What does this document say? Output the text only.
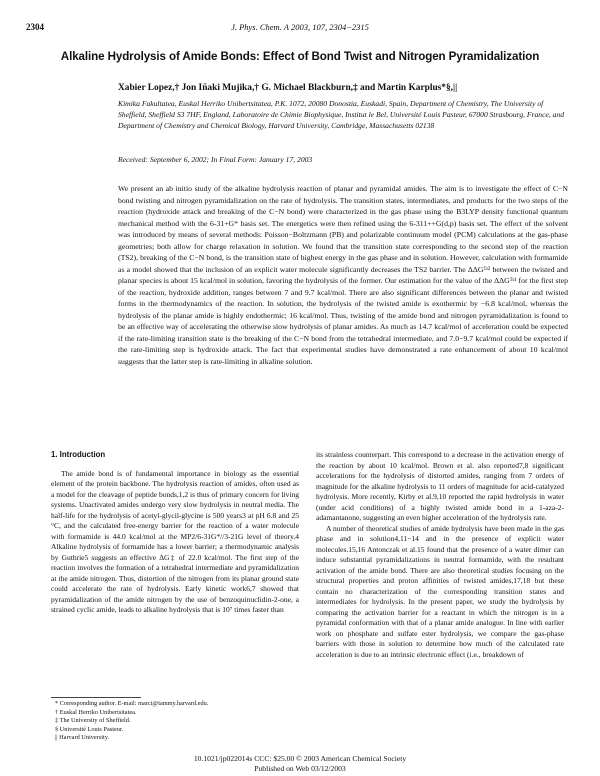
2304	J. Phys. Chem. A 2003, 107, 2304−2315
Alkaline Hydrolysis of Amide Bonds: Effect of Bond Twist and Nitrogen Pyramidalization
Xabier Lopez,† Jon Iñaki Mujika,† G. Michael Blackburn,‡ and Martin Karplus*§,||
Kimika Fakultatea, Euskal Herriko Unibertsitatea, P.K. 1072, 20080 Donostia, Euskadi, Spain, Department of Chemistry, The University of Sheffield, Sheffield S3 7HF, England, Laboratoire de Chimie Biophysique, Institut le Bel, Université Louis Pasteur, 67000 Strasbourg, France, and Department of Chemistry and Chemical Biology, Harvard University, Cambridge, Massachusetts 02138
Received: September 6, 2002; In Final Form: January 17, 2003

We present an ab initio study of the alkaline hydrolysis reaction of planar and pyramidal amides. The aim is to investigate the effect of C−N bond twisting and nitrogen pyramidalization on the rate of hydrolysis. The transition states, intermediates, and products for the two steps of the reaction (hydroxide attack and breaking of the C−N bond) were characterized in the gas phase using the B3LYP density functional quantum mechanical method with the 6-31+G* basis set. The energetics were then refined using the 6-311++G(d,p) basis set. The effect of the solvent was introduced by means of several methods: Poisson−Boltzmann (PB) and polarizable continuum model (PCM) calculations at the gas-phase geometries; both allow for charge relaxation in solution. We found that the transition state corresponding to the second step of the reaction (TS2), breaking of the C−N bond, is the transition state of highest energy in the gas phase and in solution. However, calculation with formamide as a model showed that the inclusion of an explicit water molecule significantly decreases the TS2 barrier. The ΔΔGᵀˢ² between the twisted and planar species is about 15 kcal/mol in solution, favoring the hydrolysis of the former. Our estimation for the value of the ΔΔGᵀˢ¹ for the first step of the reaction, hydroxide addition, ranges between 7 and 9.7 kcal/mol. There are also significant differences between the planar and twisted forms in the thermodynamics of the reaction. In solution, the hydrolysis of the twisted amide is exothermic by −6.8 kcal/mol, whereas the hydrolysis of the planar amide is highly endothermic; 16 kcal/mol. Thus, twisting of the amide bond and nitrogen pyramidalization is found to be an effective way of accelerating the otherwise slow hydrolysis of planar amides. As much as 14.7 kcal/mol of acceleration could be expected if the rate-limiting transition state is the breaking of the C−N bond from the tetrahedral intermediate, and 7.0−9.7 kcal/mol could be expected if the rate-limiting step is hydroxide attack. The fact that experimental studies have demonstrated a rate enhancement of about 10 kcal/mol suggests that the latter step is rate-limiting in alkaline solution.

1. Introduction

The amide bond is of fundamental importance in biology as the essential element of the protein backbone. The hydrolysis reaction of amides, often used as a model for the cleavage of peptide bonds,1,2 is thus of primary concern for living systems. Unactivated amides undergo very slow hydrolysis in neutral media. The half-life for the hydrolysis of acetyl-glycil-glycine is 500 years3 at pH 6.8 and 25 °C, and the calculated free-energy barrier for the reaction of a water molecule with formamide is 44.0 kcal/mol at the MP2/6-31G*//3-21G level of theory.4 Alkaline hydrolysis of formamide has a lower barrier; a thermodynamic analysis by Guthrie5 suggests an effective ΔG‡ of 22.0 kcal/mol. The first step of the reaction involves the formation of a tetrahedral intermediate and pyramidalization at the amide nitrogen. Thus, distortion of the nitrogen from its planar ground state could accelerate the rate of hydrolysis. Early kinetic work6,7 showed that pyramidalization of the amide nitrogen by the use of benzoquinuclidin-2-one, a strained cyclic amide, leads to alkaline hydrolysis that is 10⁷ times faster than

its strainless counterpart. This correspond to a decrease in the activation energy of the reaction by about 10 kcal/mol. Brown et al. also reported7,8 significant accelerations for the hydrolysis of distorted amides, ranging from 7 orders of magnitude for the alkaline hydrolysis to 11 orders of magnitude for acid-catalyzed hydrolysis. More recently, Kirby et al.9,10 reported the rapid hydrolysis in water (under acid conditions) of a highly twisted amide bond in a 1-aza-2-adamantanone, suggesting an even higher acceleration of the hydrolysis rate.

A number of theoretical studies of amide hydrolysis have been made in the gas phase and in solution4,11−14 and in the presence of explicit water molecules.15,16 Antonczak et al.15 found that the presence of a water dimer can induce substantial pyramidalizations in neutral formamide, with the resultant activation of the amide bond. There are also theoretical studies focusing on the structural properties and proton affinities of twisted amides,17,18 but these contain no characterization of the corresponding transition states and intermediates for hydrolysis. In the present paper, we study the hydrolysis by comparing the activation barrier for a reactant in which the nitrogen is in a pyramidal conformation with that of a planar amide analogue. In line with earlier work on phosphate and sulfate ester hydrolysis, we compare the gas-phase barriers with those in solution to determine how much of the calculated rate acceleration is due to an intrinsic electronic effect (i.e., breakdown of

* Corresponding author. E-mail: marci@tammy.harvard.edu.
† Euskal Herriko Unibertsitatea.
‡ The University of Sheffield.
§ Université Louis Pasteur.
|| Harvard University.
10.1021/jp022014s CCC: $25.00 © 2003 American Chemical Society
Published on Web 03/12/2003
